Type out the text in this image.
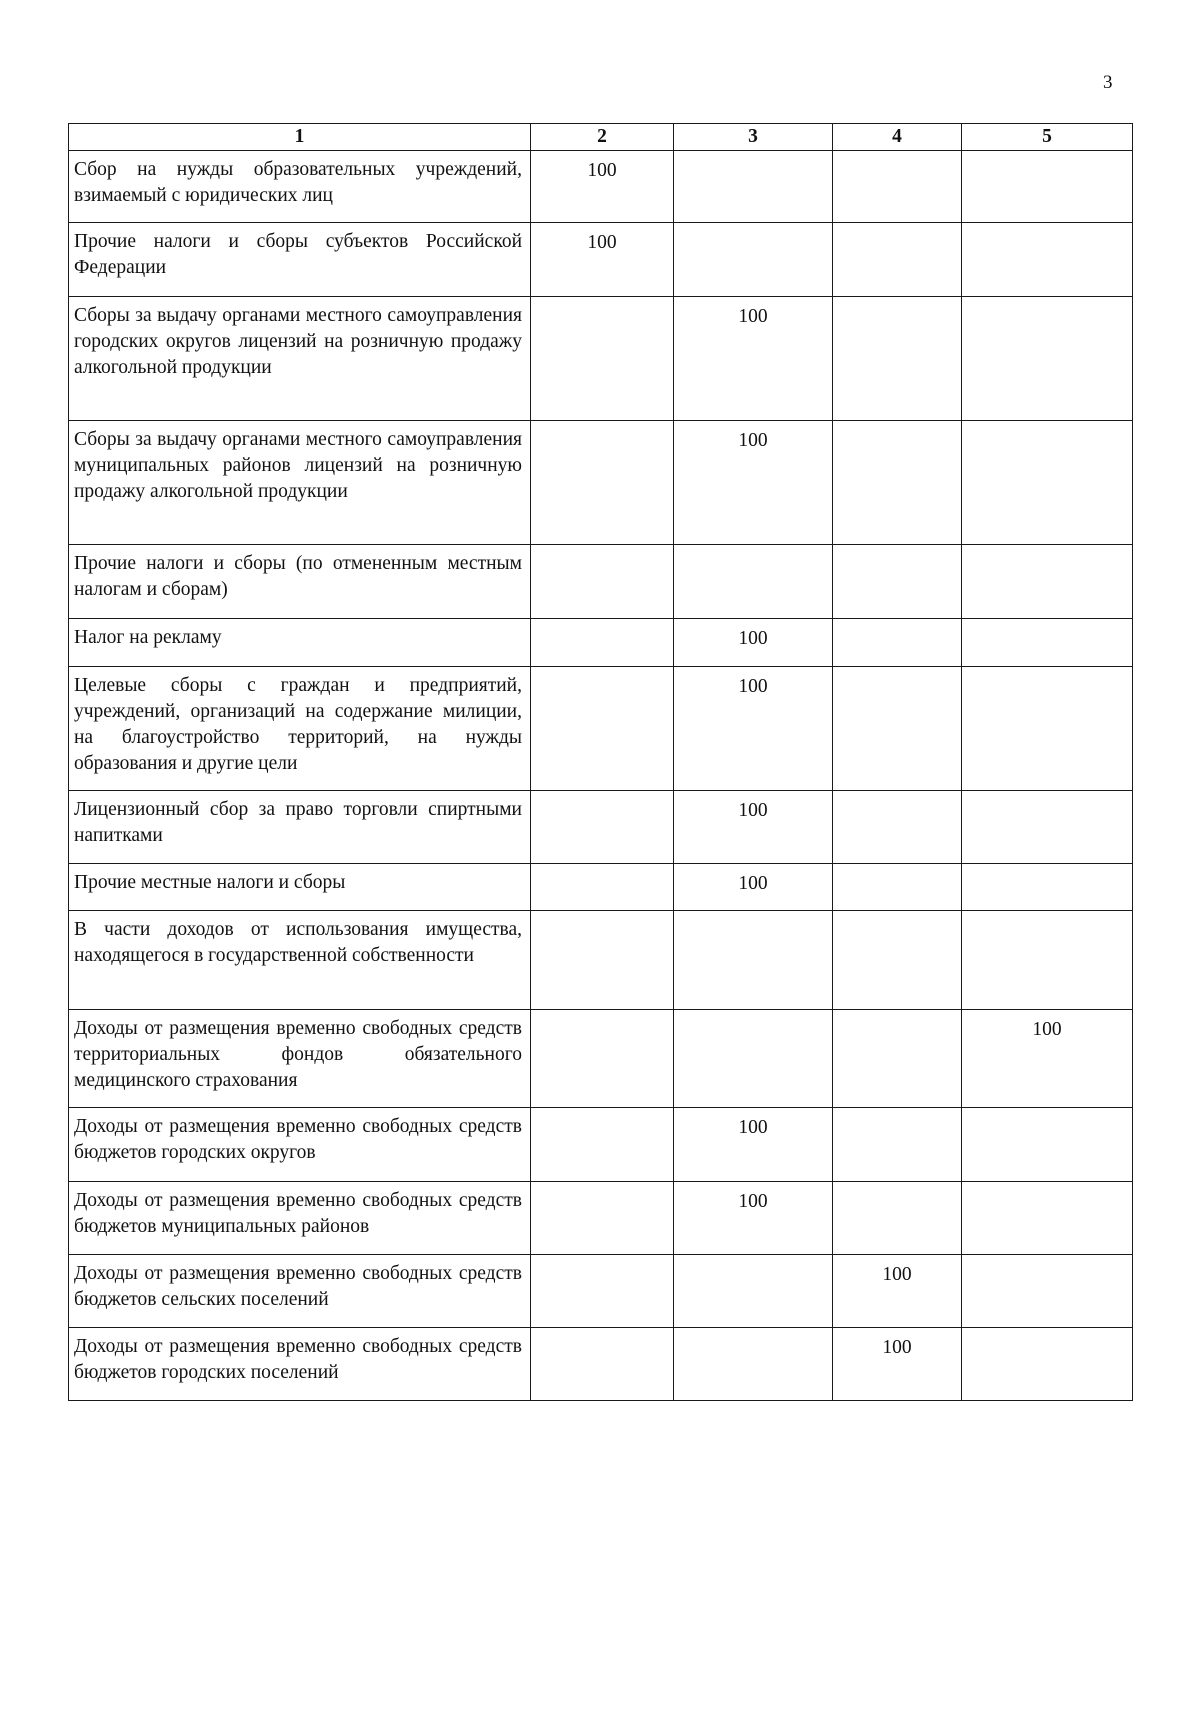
3
1	2	3	4	5
Сбор на нужды образовательных учреждений, взимаемый с юридических лиц	100			
Прочие налоги и сборы субъектов Российской Федерации	100			
Сборы за выдачу органами местного самоуправления городских округов лицензий на розничную продажу алкогольной продукции		100		
Сборы за выдачу органами местного самоуправления муниципальных районов лицензий на розничную продажу алкогольной продукции		100		
Прочие налоги и сборы (по отмененным местным налогам и сборам)				
Налог на рекламу		100		
Целевые сборы с граждан и предприятий, учреждений, организаций на содержание милиции, на благоустройство территорий, на нужды образования и другие цели		100		
Лицензионный сбор за право торговли спиртными напитками		100		
Прочие местные налоги и сборы		100		
В части доходов от использования имущества, находящегося в государственной собственности				
Доходы от размещения временно свободных средств территориальных фондов обязательного медицинского страхования				100
Доходы от размещения временно свободных средств бюджетов городских округов		100		
Доходы от размещения временно свободных средств бюджетов муниципальных районов		100		
Доходы от размещения временно свободных средств бюджетов сельских поселений			100	
Доходы от размещения временно свободных средств бюджетов городских поселений			100	
